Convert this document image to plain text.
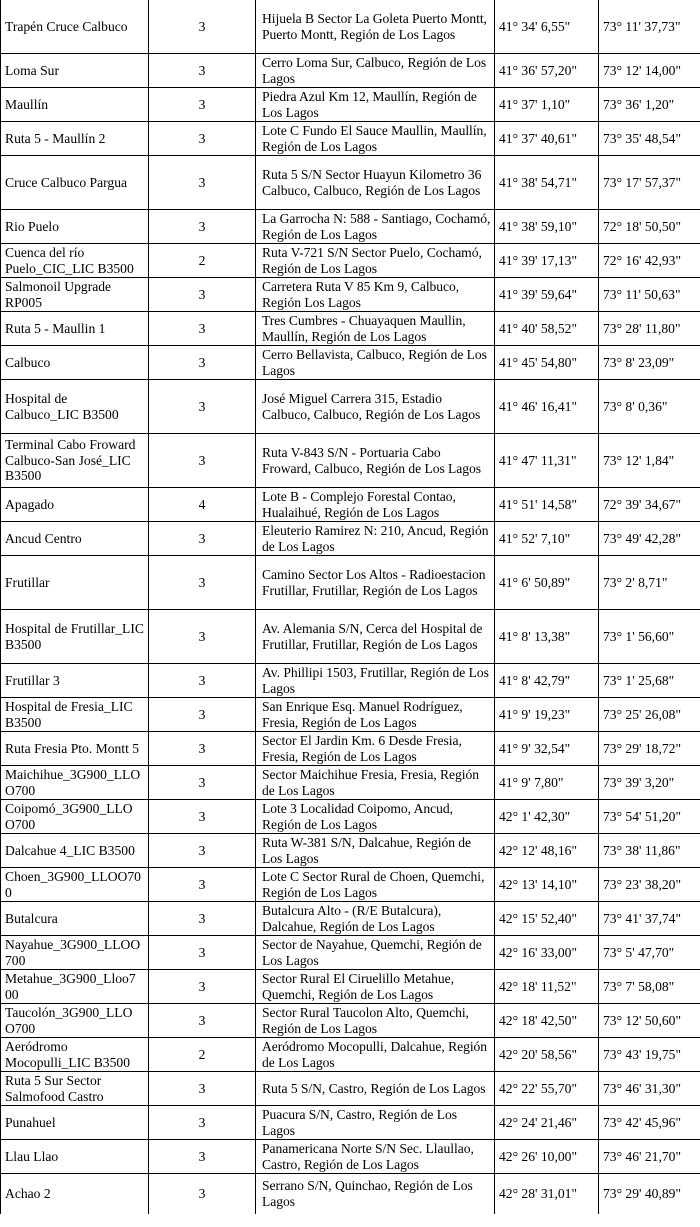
Trapén Cruce Calbuco	3	Hijuela B Sector La Goleta Puerto Montt, Puerto Montt, Región de Los Lagos	41° 34' 6,55"	73° 11' 37,73"
Loma Sur	3	Cerro Loma Sur, Calbuco, Región de Los Lagos	41° 36' 57,20"	73° 12' 14,00"
Maullín	3	Piedra Azul Km 12, Maullín, Región de Los Lagos	41° 37' 1,10"	73° 36' 1,20"
Ruta 5 - Maullín 2	3	Lote C Fundo El Sauce Maullin, Maullín, Región de Los Lagos	41° 37' 40,61"	73° 35' 48,54"
Cruce Calbuco Pargua	3	Ruta 5 S/N Sector Huayun Kilometro 36 Calbuco, Calbuco, Región de Los Lagos	41° 38' 54,71"	73° 17' 57,37"
Rio Puelo	3	La Garrocha N: 588 - Santiago, Cochamó, Región de Los Lagos	41° 38' 59,10"	72° 18' 50,50"
Cuenca del río Puelo_CIC_LIC B3500	2	Ruta V-721 S/N Sector Puelo, Cochamó, Región de Los Lagos	41° 39' 17,13"	72° 16' 42,93"
Salmonoil Upgrade RP005	3	Carretera Ruta V 85 Km 9, Calbuco, Región Los Lagos	41° 39' 59,64"	73° 11' 50,63"
Ruta 5 - Maullin 1	3	Tres Cumbres - Chuayaquen Maullin, Maullín, Región de Los Lagos	41° 40' 58,52"	73° 28' 11,80"
Calbuco	3	Cerro Bellavista, Calbuco, Región de Los Lagos	41° 45' 54,80"	73° 8' 23,09"
Hospital de Calbuco_LIC B3500	3	José Miguel Carrera 315, Estadio Calbuco, Calbuco, Región de Los Lagos	41° 46' 16,41"	73° 8' 0,36"
Terminal Cabo Froward Calbuco-San José_LIC B3500	3	Ruta V-843 S/N - Portuaria Cabo Froward, Calbuco, Región de Los Lagos	41° 47' 11,31"	73° 12' 1,84"
Apagado	4	Lote B - Complejo Forestal Contao, Hualaihué, Región de Los Lagos	41° 51' 14,58"	72° 39' 34,67"
Ancud Centro	3	Eleuterio Ramirez N: 210, Ancud, Región de Los Lagos	41° 52' 7,10"	73° 49' 42,28"
Frutillar	3	Camino Sector Los Altos - Radioestacion Frutillar, Frutillar, Región de Los Lagos	41° 6' 50,89"	73° 2' 8,71"
Hospital de Frutillar_LIC B3500	3	Av. Alemania S/N, Cerca del Hospital de Frutillar, Frutillar, Región de Los Lagos	41° 8' 13,38"	73° 1' 56,60"
Frutillar 3	3	Av. Phillipi 1503, Frutillar, Región de Los Lagos	41° 8' 42,79"	73° 1' 25,68"
Hospital de Fresia_LIC B3500	3	San Enrique Esq. Manuel Rodríguez, Fresia, Región de Los Lagos	41° 9' 19,23"	73° 25' 26,08"
Ruta Fresia Pto. Montt 5	3	Sector El Jardin Km. 6 Desde Fresia, Fresia, Región de Los Lagos	41° 9' 32,54"	73° 29' 18,72"
Maichihue_3G900_LLO O700	3	Sector Maichihue Fresia, Fresia, Región de Los Lagos	41° 9' 7,80"	73° 39' 3,20"
Coipomó_3G900_LLO O700	3	Lote 3 Localidad Coipomo, Ancud, Región de Los Lagos	42° 1' 42,30"	73° 54' 51,20"
Dalcahue 4_LIC B3500	3	Ruta W-381 S/N, Dalcahue, Región de Los Lagos	42° 12' 48,16"	73° 38' 11,86"
Choen_3G900_LLOO70 0	3	Lote C Sector Rural de Choen, Quemchi, Región de Los Lagos	42° 13' 14,10"	73° 23' 38,20"
Butalcura	3	Butalcura Alto - (R/E Butalcura), Dalcahue, Región de Los Lagos	42° 15' 52,40"	73° 41' 37,74"
Nayahue_3G900_LLOO 700	3	Sector de Nayahue, Quemchi, Región de Los Lagos	42° 16' 33,00"	73° 5' 47,70"
Metahue_3G900_Lloo7 00	3	Sector Rural El Ciruelillo Metahue, Quemchi, Región de Los Lagos	42° 18' 11,52"	73° 7' 58,08"
Taucolón_3G900_LLO O700	3	Sector Rural Taucolon Alto, Quemchi, Región de Los Lagos	42° 18' 42,50"	73° 12' 50,60"
Aeródromo Mocopulli_LIC B3500	2	Aeródromo Mocopulli, Dalcahue, Región de Los Lagos	42° 20' 58,56"	73° 43' 19,75"
Ruta 5 Sur Sector Salmofood Castro	3	Ruta 5 S/N, Castro, Región de Los Lagos	42° 22' 55,70"	73° 46' 31,30"
Punahuel	3	Puacura S/N, Castro, Región de Los Lagos	42° 24' 21,46"	73° 42' 45,96"
Llau Llao	3	Panamericana Norte S/N Sec. Llaullao, Castro, Región de Los Lagos	42° 26' 10,00"	73° 46' 21,70"
Achao 2	3	Serrano S/N, Quinchao, Región de Los Lagos	42° 28' 31,01"	73° 29' 40,89"
